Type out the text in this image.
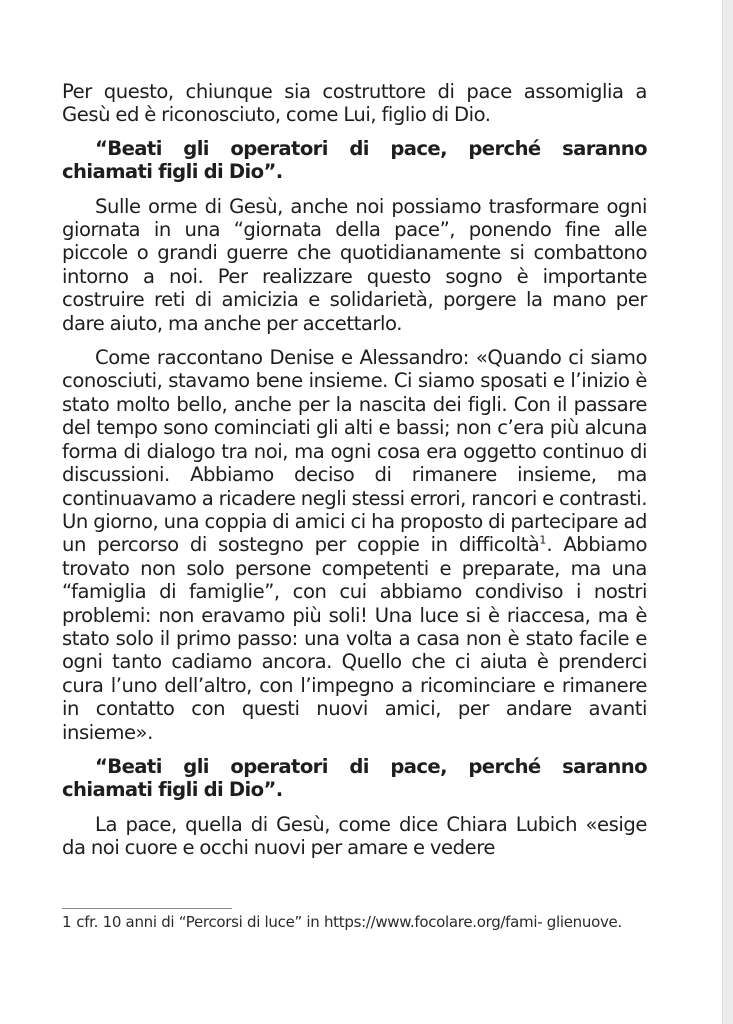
Per questo, chiunque sia costruttore di pace assomiglia a Gesù ed è riconosciuto, come Lui, figlio di Dio.

“Beati gli operatori di pace, perché saranno chiamati figli di Dio”.

Sulle orme di Gesù, anche noi possiamo trasformare ogni giornata in una “giornata della pace”, ponendo fine alle piccole o grandi guerre che quotidianamente si combattono intorno a noi. Per realizzare questo sogno è importante costruire reti di amicizia e solidarietà, porgere la mano per dare aiuto, ma anche per accettarlo.

Come raccontano Denise e Alessandro: «Quando ci siamo conosciuti, stavamo bene insieme. Ci siamo sposati e l’inizio è stato molto bello, anche per la nascita dei figli. Con il passare del tempo sono cominciati gli alti e bassi; non c’era più alcuna forma di dialogo tra noi, ma ogni cosa era oggetto continuo di discussioni. Abbiamo deciso di rimanere insieme, ma continuavamo a ricadere negli stessi errori, rancori e contrasti. Un giorno, una coppia di amici ci ha proposto di partecipare ad un percorso di sostegno per coppie in difficoltà$^1$. Abbiamo trovato non solo persone competenti e preparate, ma una “famiglia di famiglie”, con cui abbiamo condiviso i nostri problemi: non eravamo più soli! Una luce si è riaccesa, ma è stato solo il primo passo: una volta a casa non è stato facile e ogni tanto cadiamo ancora. Quello che ci aiuta è prenderci cura l’uno dell’altro, con l’impegno a ricominciare e rimanere in contatto con questi nuovi amici, per andare avanti insieme».

“Beati gli operatori di pace, perché saranno chiamati figli di Dio”.

La pace, quella di Gesù, come dice Chiara Lubich «esige da noi cuore e occhi nuovi per amare e vedere

1 cfr. 10 anni di “Percorsi di luce” in https://www.focolare.org/fami- glienuove.
